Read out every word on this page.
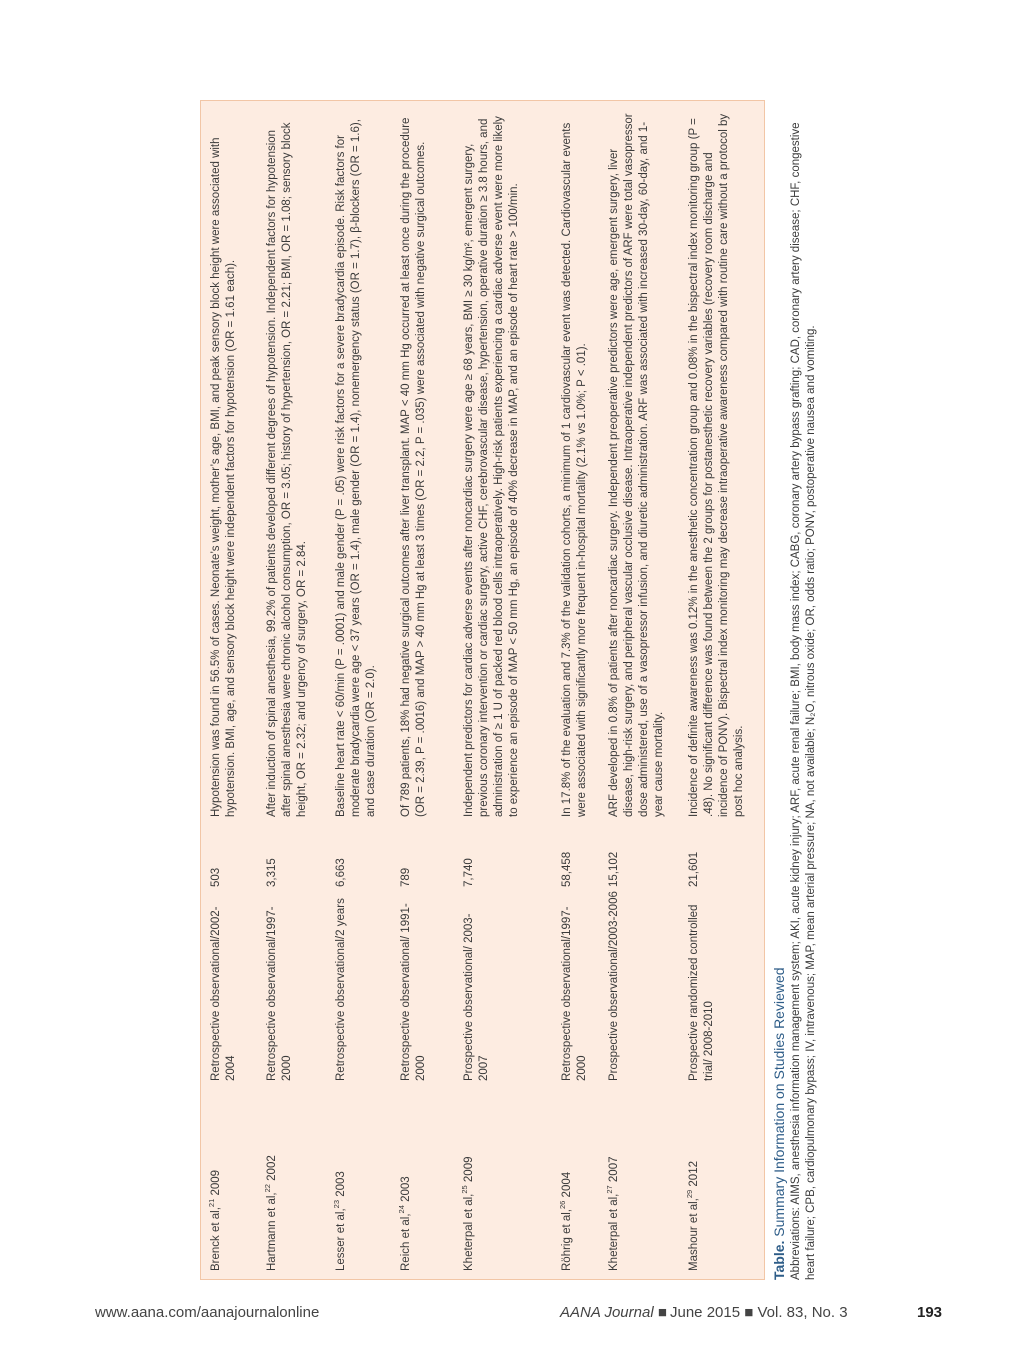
Brenck et al,$^{21}$ 2009
Retrospective observational/2002-2004
503
Hypotension was found in 56.5% of cases. Neonate’s weight, mother’s age, BMI, and peak sensory block height were associated with hypotension. BMI, age, and sensory block height were independent factors for hypotension (OR = 1.61 each).
Hartmann et al,$^{22}$ 2002
Retrospective observational/1997-2000
3,315
After induction of spinal anesthesia, 99.2% of patients developed different degrees of hypotension. Independent factors for hypotension after spinal anesthesia were chronic alcohol consumption, OR = 3.05; history of hypertension, OR = 2.21; BMI, OR = 1.08; sensory block height, OR = 2.32; and urgency of surgery, OR = 2.84.
Lesser et al,$^{23}$ 2003
Retrospective observational/2 years
6,663
Baseline heart rate < 60/min (P = .0001) and male gender (P = .05) were risk factors for a severe bradycardia episode. Risk factors for moderate bradycardia were age < 37 years (OR = 1.4), male gender (OR = 1.4), nonemergency status (OR = 1.7), β-blockers (OR = 1.6), and case duration (OR = 2.0).
Reich et al,$^{24}$ 2003
Retrospective observational/ 1991-2000
789
Of 789 patients, 18% had negative surgical outcomes after liver transplant. MAP < 40 mm Hg occurred at least once during the procedure (OR = 2.39, P = .0016) and MAP > 40 mm Hg at least 3 times (OR = 2.2, P = .035) were associated with negative surgical outcomes.
Kheterpal et al,$^{25}$ 2009
Prospective observational/ 2003-2007
7,740
Independent predictors for cardiac adverse events after noncardiac surgery were age ≥ 68 years, BMI ≥ 30 kg/m², emergent surgery, previous coronary intervention or cardiac surgery, active CHF, cerebrovascular disease, hypertension, operative duration ≥ 3.8 hours, and administration of ≥ 1 U of packed red blood cells intraoperatively. High-risk patients experiencing a cardiac adverse event were more likely to experience an episode of MAP < 50 mm Hg, an episode of 40% decrease in MAP, and an episode of heart rate > 100/min.
Röhrig et al,$^{26}$ 2004
Retrospective observational/1997-2000
58,458
In 17.8% of the evaluation and 7.3% of the validation cohorts, a minimum of 1 cardiovascular event was detected. Cardiovascular events were associated with significantly more frequent in-hospital mortality (2.1% vs 1.0%; P < .01).
Kheterpal et al,$^{27}$ 2007
Prospective observational/2003-2006
15,102
ARF developed in 0.8% of patients after noncardiac surgery. Independent preoperative predictors were age, emergent surgery, liver disease, high-risk surgery, and peripheral vascular occlusive disease. Intraoperative independent predictors of ARF were total vasopressor dose administered, use of a vasopressor infusion, and diuretic administration. ARF was associated with increased 30-day, 60-day, and 1-year cause mortality.
Mashour et al,$^{29}$ 2012
Prospective randomized controlled trial/ 2008-2010
21,601
Incidence of definite awareness was 0.12% in the anesthetic concentration group and 0.08% in the bispectral index monitoring group (P = .48). No significant difference was found between the 2 groups for postanesthetic recovery variables (recovery room discharge and incidence of PONV). Bispectral index monitoring may decrease intraoperative awareness compared with routine care without a protocol by post hoc analysis.
Table. Summary Information on Studies Reviewed Abbreviations: AIMS, anesthesia information management system; AKI, acute kidney injury; ARF, acute renal failure; BMI, body mass index; CABG, coronary artery bypass grafting; CAD, coronary artery disease; CHF, congestive heart failure; CPB, cardiopulmonary bypass; IV, intravenous; MAP, mean arterial pressure; NA, not available; N₂O, nitrous oxide; OR, odds ratio; PONV, postoperative nausea and vomiting.
www.aana.com/aanajournalonline	AANA Journal ■ June 2015 ■ Vol. 83, No. 3	193
